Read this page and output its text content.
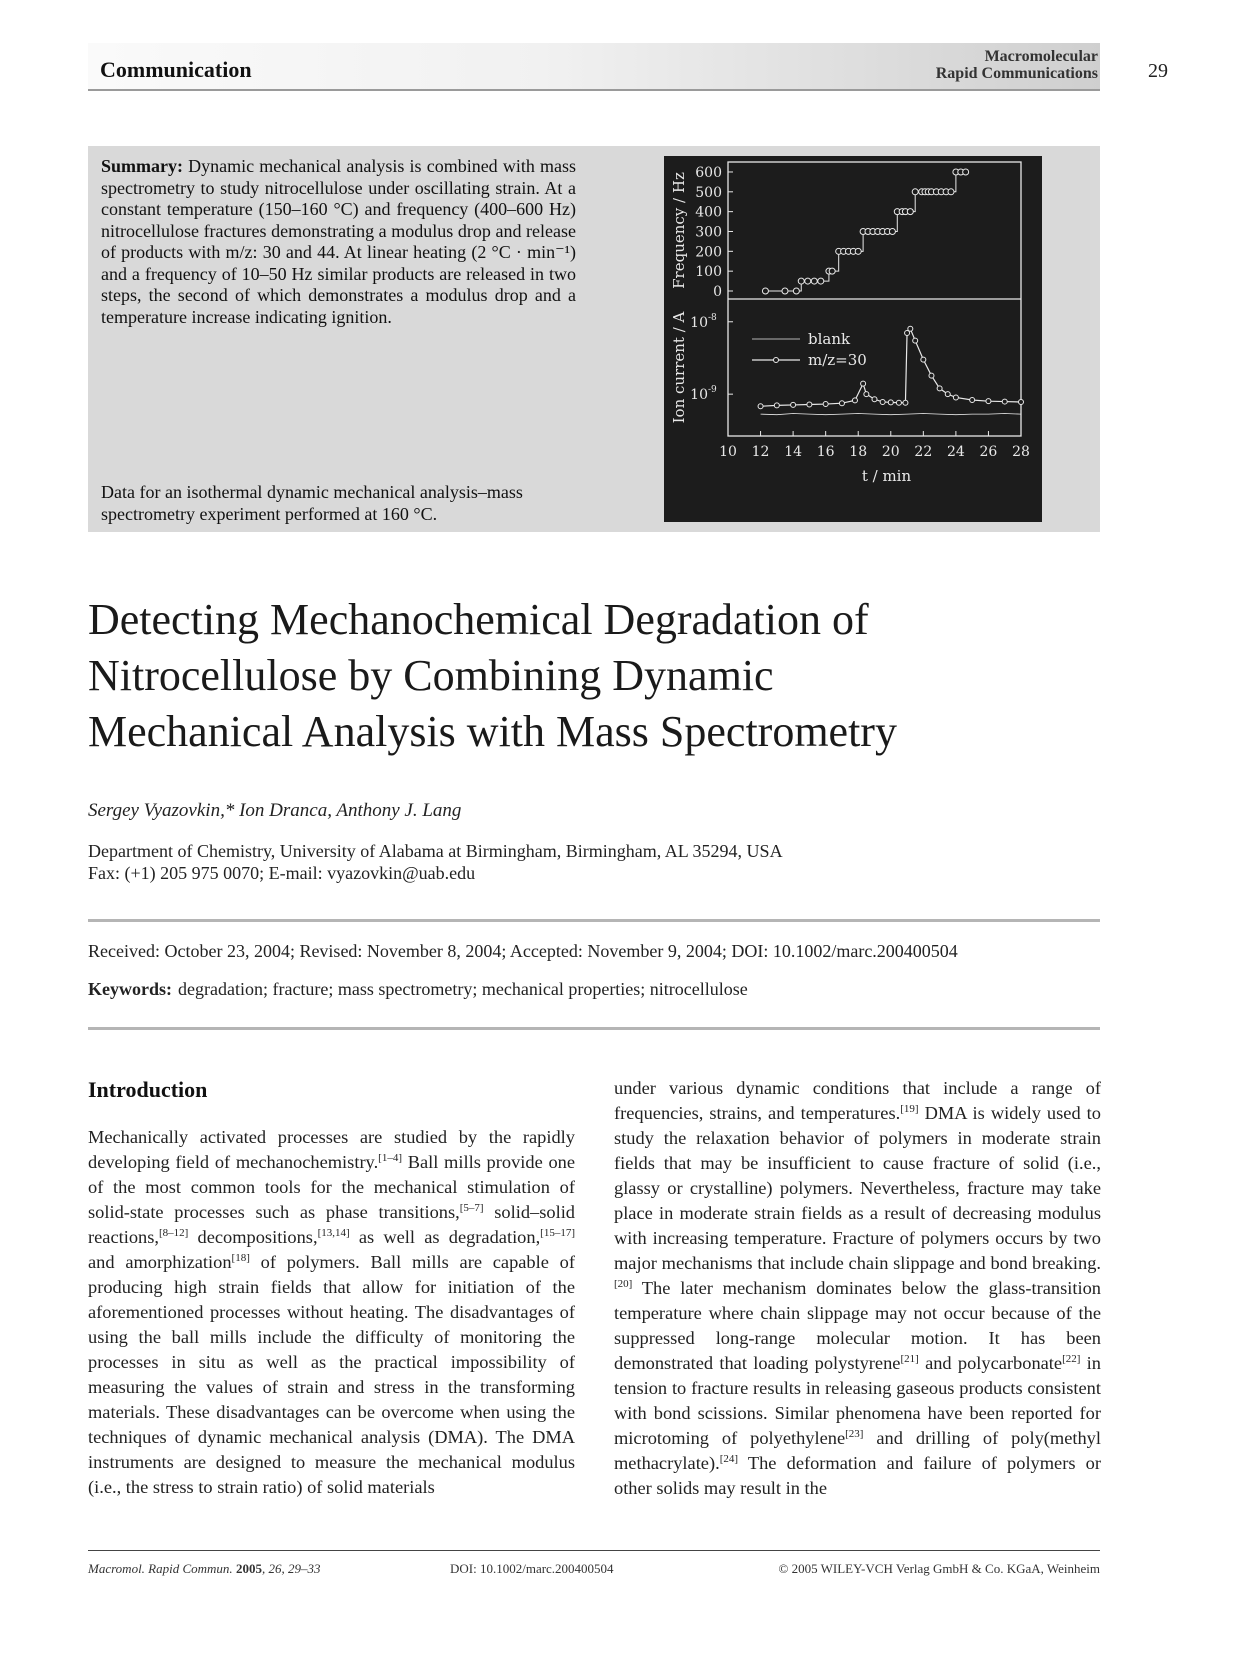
Communication
Macromolecular
Rapid Communications	29
Summary: Dynamic mechanical analysis is combined with mass spectrometry to study nitrocellulose under oscillating strain. At a constant temperature (150–160 °C) and frequency (400–600 Hz) nitrocellulose fractures demonstrating a modulus drop and release of products with m/z: 30 and 44. At linear heating (2 °C · min⁻¹) and a frequency of 10–50 Hz similar products are released in two steps, the second of which demonstrates a modulus drop and a temperature increase indicating ignition.
Data for an isothermal dynamic mechanical analysis–mass spectrometry experiment performed at 160 °C.
10 12 14 16 18 20 22 24 26 28
t / min
0
100
200
300
400
500
600
Frequency / Hz
10 -9
10 -8
Ion current / A	blank
m/z=30
Detecting Mechanochemical Degradation of
Nitrocellulose by Combining Dynamic
Mechanical Analysis with Mass Spectrometry
Sergey Vyazovkin,* Ion Dranca, Anthony J. Lang
Department of Chemistry, University of Alabama at Birmingham, Birmingham, AL 35294, USA
Fax: (+1) 205 975 0070; E-mail: vyazovkin@uab.edu
Received: October 23, 2004; Revised: November 8, 2004; Accepted: November 9, 2004; DOI: 10.1002/marc.200400504
Keywords: degradation; fracture; mass spectrometry; mechanical properties; nitrocellulose
Introduction

Mechanically activated processes are studied by the rapidly developing field of mechanochemistry.[1–4] Ball mills provide one of the most common tools for the mechanical stimulation of solid-state processes such as phase transitions,[5–7] solid–solid reactions,[8–12] decompositions,[13,14] as well as degradation,[15–17] and amorphization[18] of polymers. Ball mills are capable of producing high strain fields that allow for initiation of the aforementioned processes without heating. The disadvantages of using the ball mills include the difficulty of monitoring the processes in situ as well as the practical impossibility of measuring the values of strain and stress in the transforming materials. These disadvantages can be overcome when using the techniques of dynamic mechanical analysis (DMA). The DMA instruments are designed to measure the mechanical modulus (i.e., the stress to strain ratio) of solid materials

under various dynamic conditions that include a range of frequencies, strains, and temperatures.[19] DMA is widely used to study the relaxation behavior of polymers in moderate strain fields that may be insufficient to cause fracture of solid (i.e., glassy or crystalline) polymers. Nevertheless, fracture may take place in moderate strain fields as a result of decreasing modulus with increasing temperature. Fracture of polymers occurs by two major mechanisms that include chain slippage and bond breaking.[20] The later mechanism dominates below the glass-transition temperature where chain slippage may not occur because of the suppressed long-range molecular motion. It has been demonstrated that loading polystyrene[21] and polycarbonate[22] in tension to fracture results in releasing gaseous products consistent with bond scissions. Similar phenomena have been reported for microtoming of polyethylene[23] and drilling of poly(methyl methacrylate).[24] The deformation and failure of polymers or other solids may result in the

Macromol. Rapid Commun. 2005, 26, 29–33	DOI: 10.1002/marc.200400504	© 2005 WILEY-VCH Verlag GmbH & Co. KGaA, Weinheim
